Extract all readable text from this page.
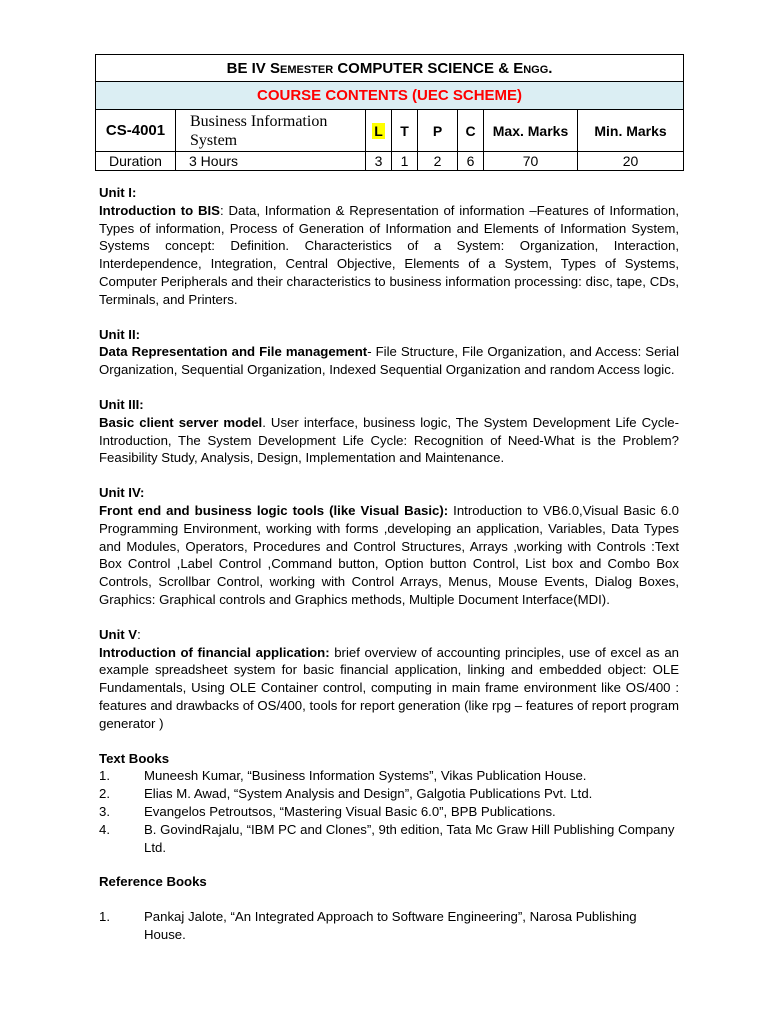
BE IV Semester COMPUTER SCIENCE & Engg.							
COURSE CONTENTS (UEC SCHEME)							
CS-4001	Business Information System	L	T	P	C	Max. Marks	Min. Marks
Duration	3 Hours	3	1	2	6	70	20
Unit I:

Introduction to BIS: Data, Information & Representation of information –Features of Information, Types of information, Process of Generation of Information and Elements of Information System, Systems concept: Definition. Characteristics of a System: Organization, Interaction, Interdependence, Integration, Central Objective, Elements of a System, Types of Systems, Computer Peripherals and their characteristics to business information processing: disc, tape, CDs, Terminals, and Printers.

Unit II:

Data Representation and File management- File Structure, File Organization, and Access: Serial Organization, Sequential Organization, Indexed Sequential Organization and random Access logic.

Unit III:

Basic client server model. User interface, business logic, The System Development Life Cycle-Introduction, The System Development Life Cycle: Recognition of Need-What is the Problem? Feasibility Study, Analysis, Design, Implementation and Maintenance.

Unit IV:

Front end and business logic tools (like Visual Basic): Introduction to VB6.0,Visual Basic 6.0 Programming Environment, working with forms ,developing an application, Variables, Data Types and Modules, Operators, Procedures and Control Structures, Arrays ,working with Controls :Text Box Control ,Label Control ,Command button, Option button Control, List box and Combo Box Controls, Scrollbar Control, working with Control Arrays, Menus, Mouse Events, Dialog Boxes, Graphics: Graphical controls and Graphics methods, Multiple Document Interface(MDI).

Unit V:

Introduction of financial application: brief overview of accounting principles, use of excel as an example spreadsheet system for basic financial application, linking and embedded object: OLE Fundamentals, Using OLE Container control, computing in main frame environment like OS/400 : features and drawbacks of OS/400, tools for report generation (like rpg – features of report program generator )

Text Books
1.	Muneesh Kumar, “Business Information Systems”, Vikas Publication House.
2.	Elias M. Awad, “System Analysis and Design”, Galgotia Publications Pvt. Ltd.
3.	Evangelos Petroutsos, “Mastering Visual Basic 6.0”, BPB Publications.
4.	B. GovindRajalu, “IBM PC and Clones”, 9th edition, Tata Mc Graw Hill Publishing Company Ltd.
Reference Books
1.	Pankaj Jalote, “An Integrated Approach to Software Engineering”, Narosa Publishing House.
